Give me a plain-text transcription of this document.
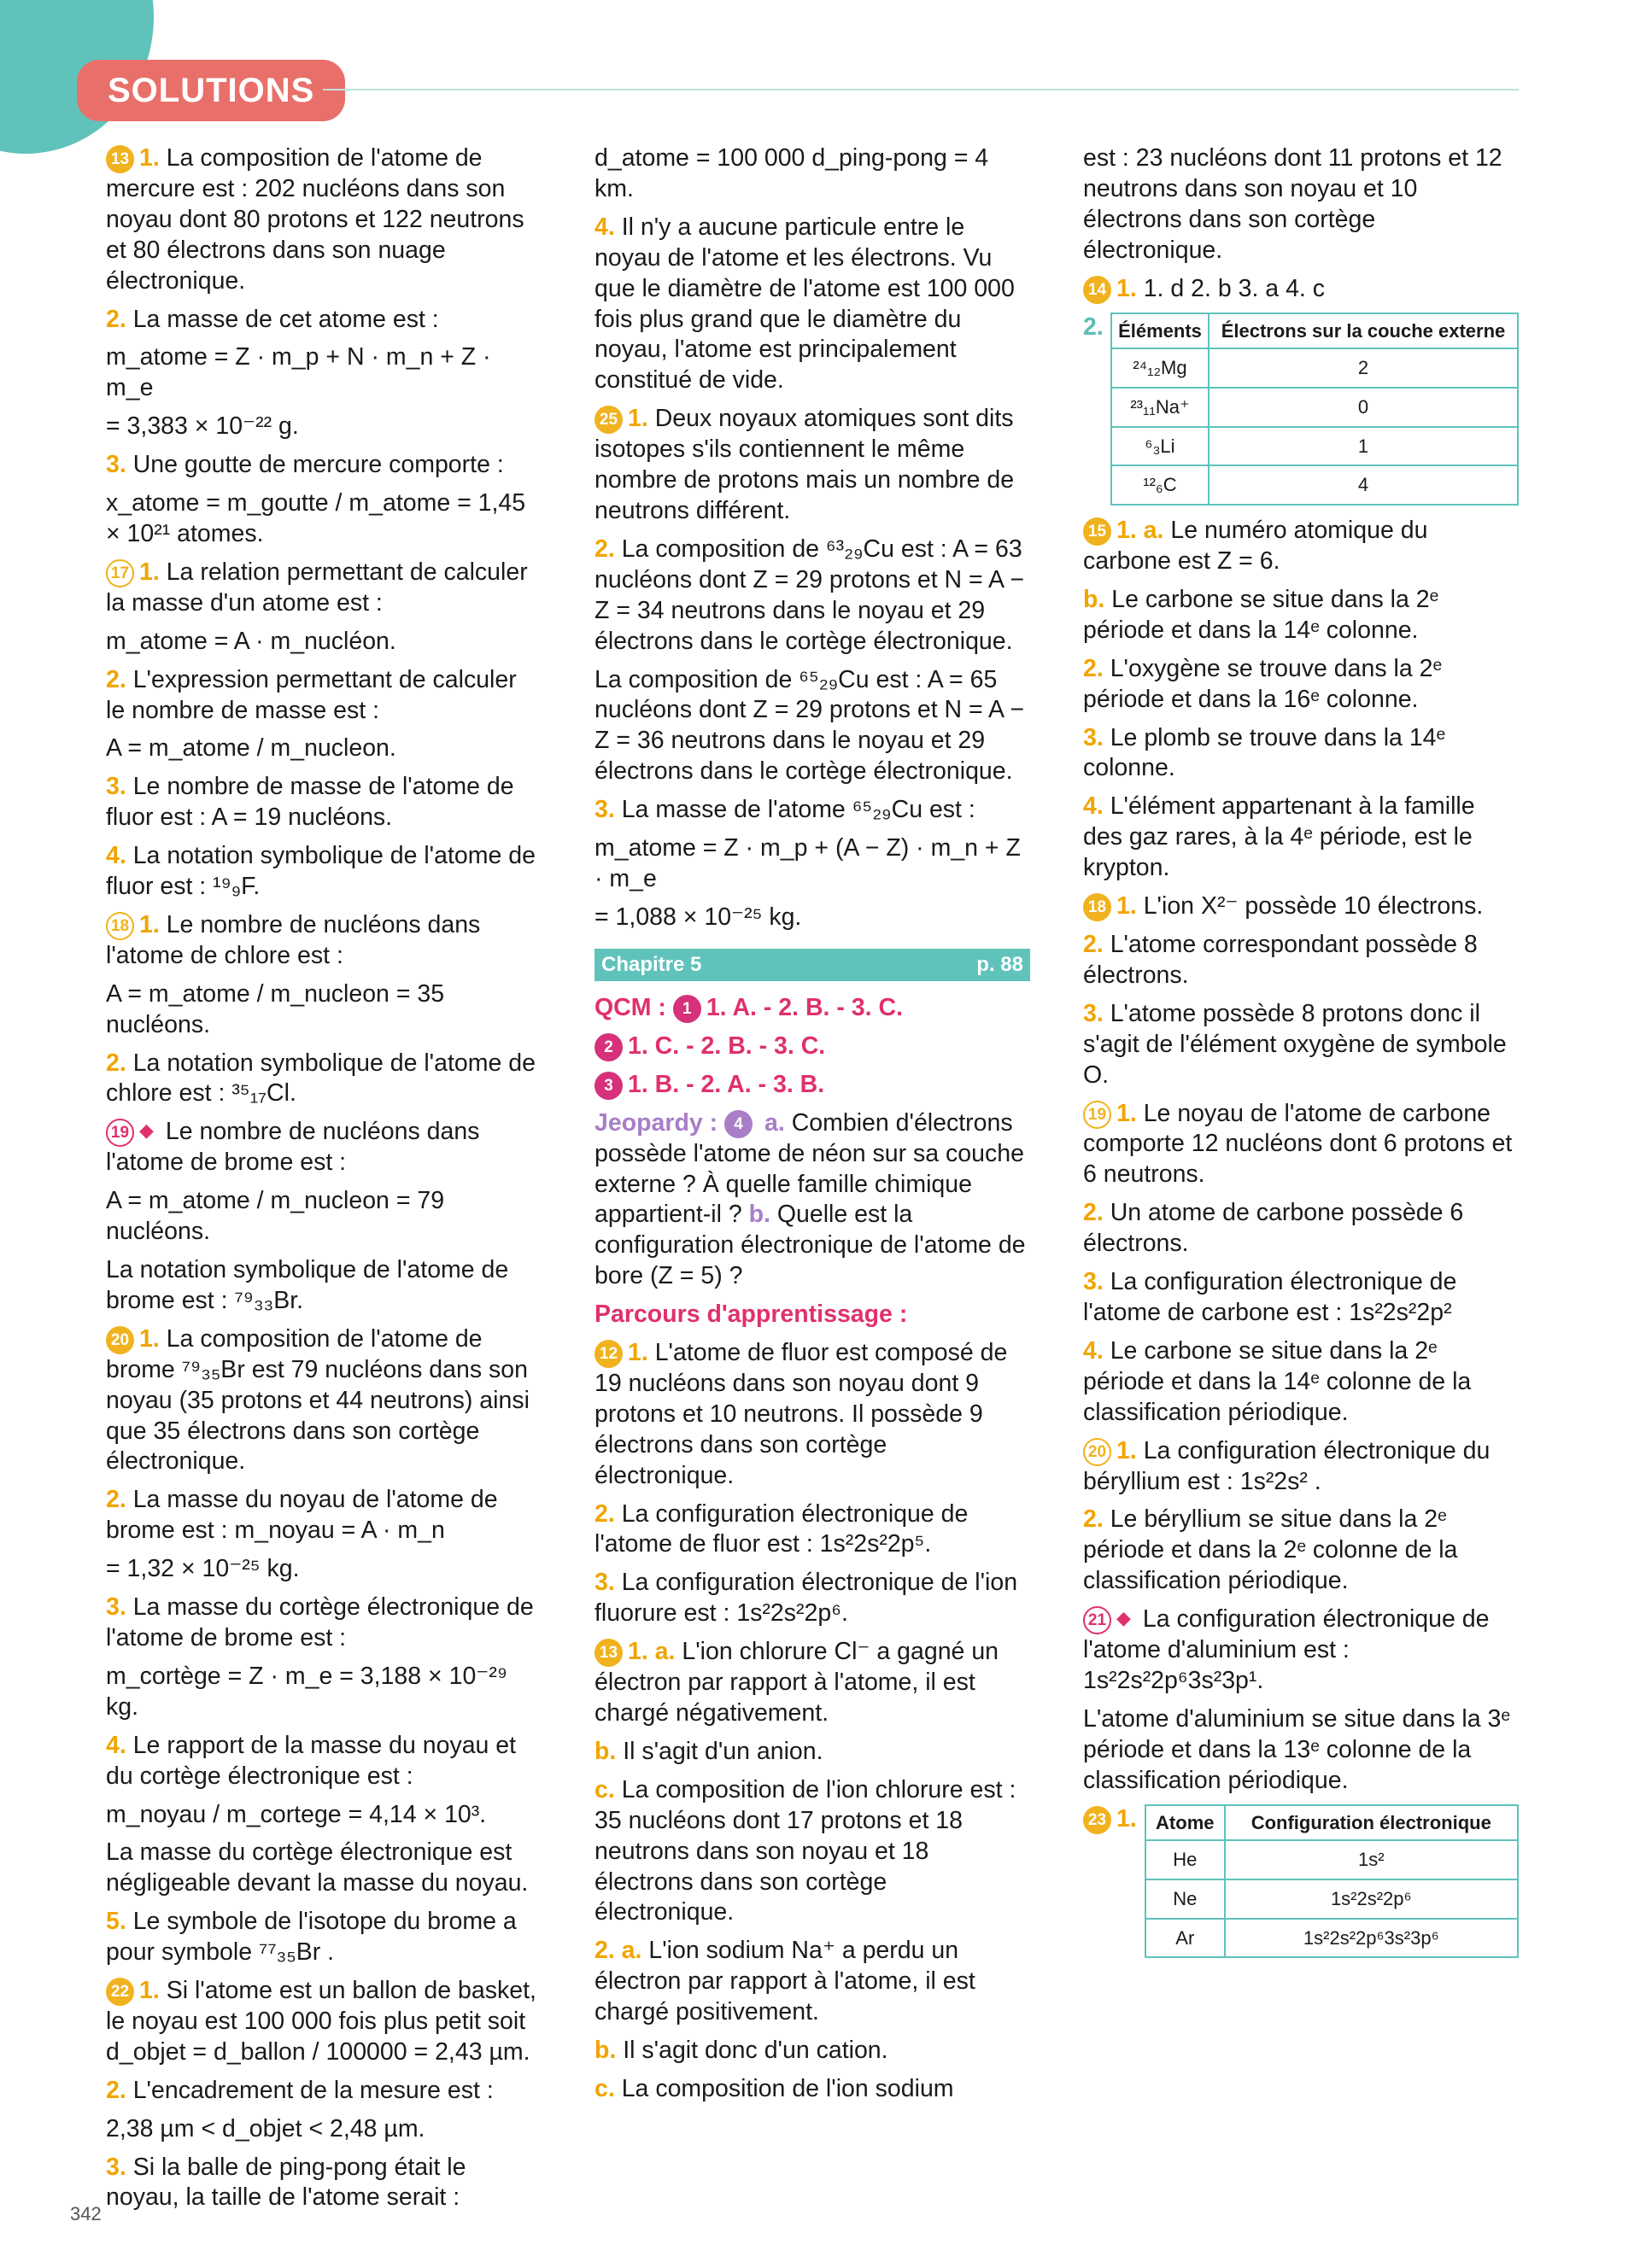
SOLUTIONS

13 1. La composition de l'atome de mercure est : 202 nucléons dans son noyau dont 80 protons et 122 neutrons et 80 électrons dans son nuage électronique.

2. La masse de cet atome est :

m_atome = Z · m_p + N · m_n + Z · m_e

= 3,383 × 10⁻²² g.

3. Une goutte de mercure comporte :

x_atome = m_goutte / m_atome = 1,45 × 10²¹ atomes.

17 1. La relation permettant de calculer la masse d'un atome est :

m_atome = A · m_nucléon.

2. L'expression permettant de calculer le nombre de masse est :

A = m_atome / m_nucleon.

3. Le nombre de masse de l'atome de fluor est : A = 19 nucléons.

4. La notation symbolique de l'atome de fluor est : ¹⁹₉F.

18 1. Le nombre de nucléons dans l'atome de chlore est :

A = m_atome / m_nucleon = 35 nucléons.

2. La notation symbolique de l'atome de chlore est : ³⁵₁₇Cl.

19 ◆ Le nombre de nucléons dans l'atome de brome est :

A = m_atome / m_nucleon = 79 nucléons.

La notation symbolique de l'atome de brome est : ⁷⁹₃₃Br.

20 1. La composition de l'atome de brome ⁷⁹₃₅Br est 79 nucléons dans son noyau (35 protons et 44 neutrons) ainsi que 35 électrons dans son cortège électronique.

2. La masse du noyau de l'atome de brome est : m_noyau = A · m_n

= 1,32 × 10⁻²⁵ kg.

3. La masse du cortège électronique de l'atome de brome est :

m_cortège = Z · m_e = 3,188 × 10⁻²⁹ kg.

4. Le rapport de la masse du noyau et du cortège électronique est :

m_noyau / m_cortege = 4,14 × 10³.

La masse du cortège électronique est négligeable devant la masse du noyau.

5. Le symbole de l'isotope du brome a pour symbole ⁷⁷₃₅Br .

22 1. Si l'atome est un ballon de basket, le noyau est 100 000 fois plus petit soit d_objet = d_ballon / 100000 = 2,43 µm.

2. L'encadrement de la mesure est :

2,38 µm < d_objet < 2,48 µm.

3. Si la balle de ping-pong était le noyau, la taille de l'atome serait :

d_atome = 100 000 d_ping-pong = 4 km.

4. Il n'y a aucune particule entre le noyau de l'atome et les électrons. Vu que le diamètre de l'atome est 100 000 fois plus grand que le diamètre du noyau, l'atome est principalement constitué de vide.

25 1. Deux noyaux atomiques sont dits isotopes s'ils contiennent le même nombre de protons mais un nombre de neutrons différent.

2. La composition de ⁶³₂₉Cu est : A = 63 nucléons dont Z = 29 protons et N = A − Z = 34 neutrons dans le noyau et 29 électrons dans le cortège électronique.

La composition de ⁶⁵₂₉Cu est : A = 65 nucléons dont Z = 29 protons et N = A − Z = 36 neutrons dans le noyau et 29 électrons dans le cortège électronique.

3. La masse de l'atome ⁶⁵₂₉Cu est :

m_atome = Z · m_p + (A − Z) · m_n + Z · m_e

= 1,088 × 10⁻²⁵ kg.

Chapitre 5	p. 88

QCM : 1 1. A. - 2. B. - 3. C.

2 1. C. - 2. B. - 3. C.

3 1. B. - 2. A. - 3. B.

Jeopardy : 4 a. Combien d'électrons possède l'atome de néon sur sa couche externe ? À quelle famille chimique appartient-il ? b. Quelle est la configuration électronique de l'atome de bore (Z = 5) ?

Parcours d'apprentissage :

12 1. L'atome de fluor est composé de 19 nucléons dans son noyau dont 9 protons et 10 neutrons. Il possède 9 électrons dans son cortège électronique.

2. La configuration électronique de l'atome de fluor est : 1s²2s²2p⁵.

3. La configuration électronique de l'ion fluorure est : 1s²2s²2p⁶.

13 1. a. L'ion chlorure Cl⁻ a gagné un électron par rapport à l'atome, il est chargé négativement.

b. Il s'agit d'un anion.

c. La composition de l'ion chlorure est : 35 nucléons dont 17 protons et 18 neutrons dans son noyau et 18 électrons dans son cortège électronique.

2. a. L'ion sodium Na⁺ a perdu un électron par rapport à l'atome, il est chargé positivement.

b. Il s'agit donc d'un cation.

c. La composition de l'ion sodium

est : 23 nucléons dont 11 protons et 12 neutrons dans son noyau et 10 électrons dans son cortège électronique.

14 1. 1. d 2. b 3. a 4. c

2. Éléments	Électrons sur la couche externe
²⁴₁₂Mg	2
²³₁₁Na⁺	0
⁶₃Li	1
¹²₆C	4

15 1. a. Le numéro atomique du carbone est Z = 6.

b. Le carbone se situe dans la 2ᵉ période et dans la 14ᵉ colonne.

2. L'oxygène se trouve dans la 2ᵉ période et dans la 16ᵉ colonne.

3. Le plomb se trouve dans la 14ᵉ colonne.

4. L'élément appartenant à la famille des gaz rares, à la 4ᵉ période, est le krypton.

18 1. L'ion X²⁻ possède 10 électrons.

2. L'atome correspondant possède 8 électrons.

3. L'atome possède 8 protons donc il s'agit de l'élément oxygène de symbole O.

19 1. Le noyau de l'atome de carbone comporte 12 nucléons dont 6 protons et 6 neutrons.

2. Un atome de carbone possède 6 électrons.

3. La configuration électronique de l'atome de carbone est : 1s²2s²2p²

4. Le carbone se situe dans la 2ᵉ période et dans la 14ᵉ colonne de la classification périodique.

20 1. La configuration électronique du béryllium est : 1s²2s² .

2. Le béryllium se situe dans la 2ᵉ période et dans la 2ᵉ colonne de la classification périodique.

21 ◆ La configuration électronique de l'atome d'aluminium est : 1s²2s²2p⁶3s²3p¹.

L'atome d'aluminium se situe dans la 3ᵉ période et dans la 13ᵉ colonne de la classification périodique.

23 1.	Atome	Configuration électronique
He	1s²
Ne	1s²2s²2p⁶
Ar	1s²2s²2p⁶3s²3p⁶
342
